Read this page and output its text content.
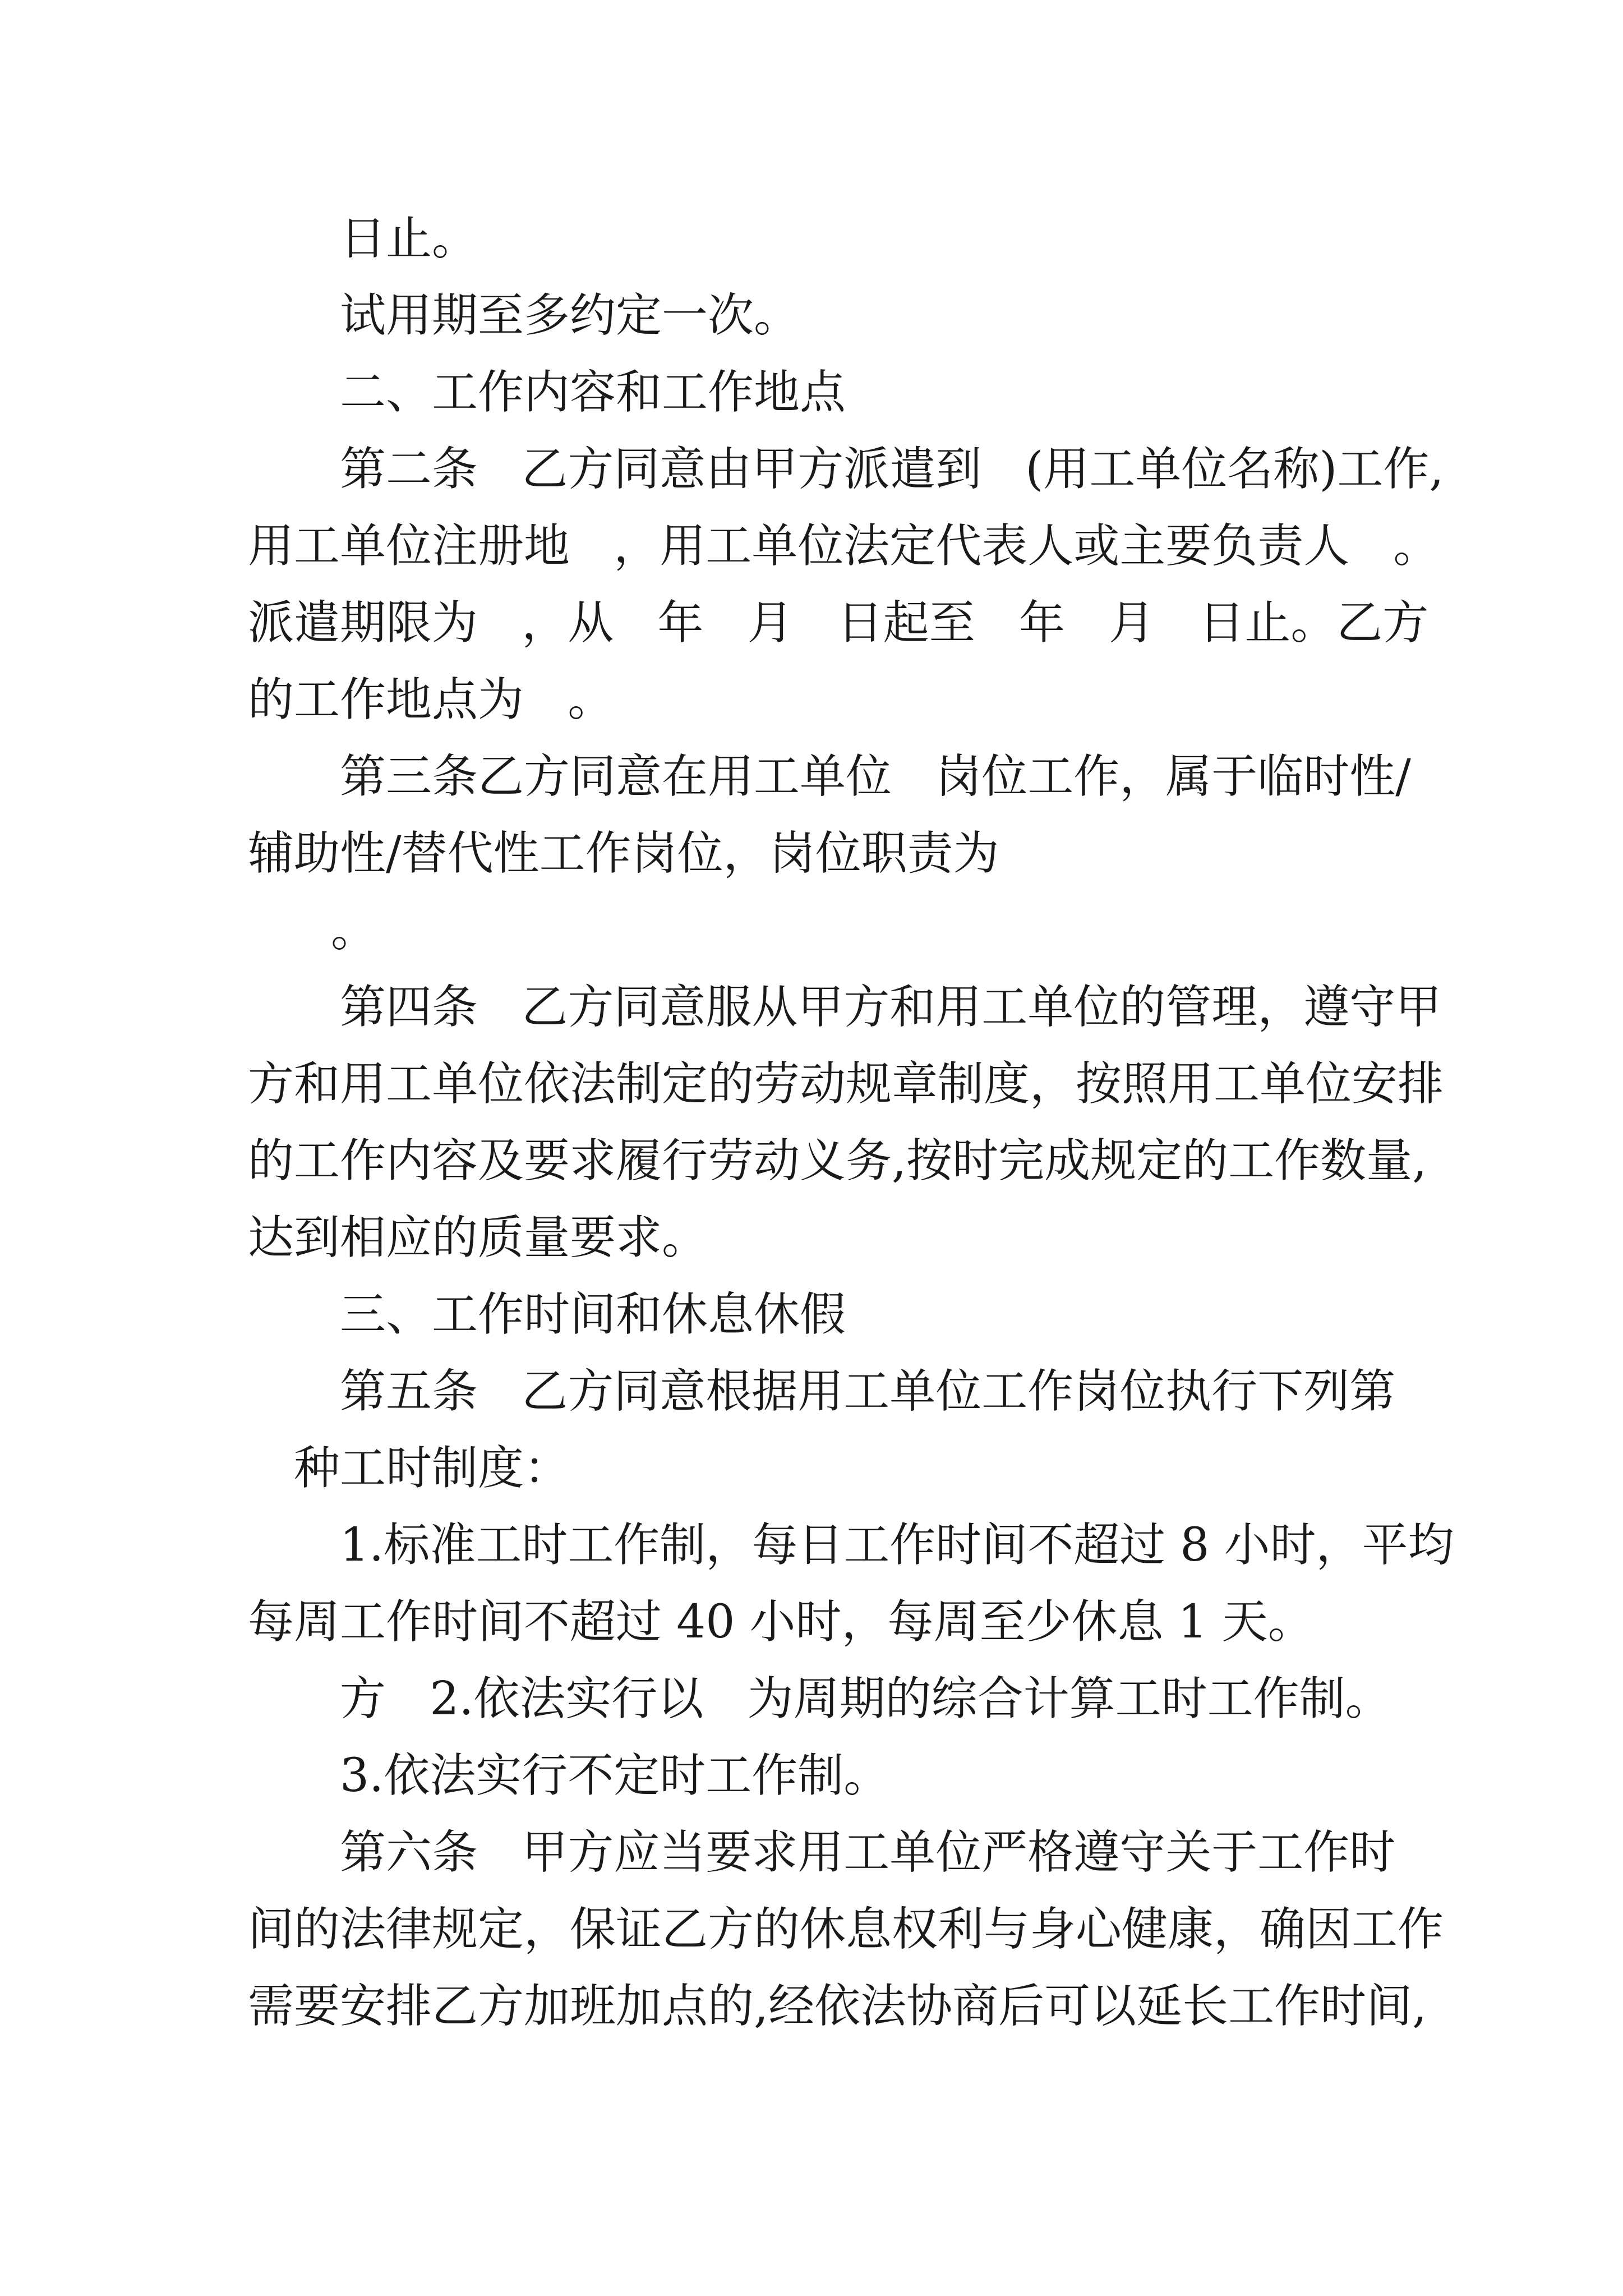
日止。

试用期至多约定一次。

二、工作内容和工作地点

第二条   乙方同意由甲方派遣到   (用工单位名称)工作,

用工单位注册地   ，用工单位法定代表人或主要负责人   。

派遣期限为   ，从   年   月   日起至   年   月   日止。乙方

的工作地点为   。

第三条乙方同意在用工单位   岗位工作，属于临时性/

辅助性/替代性工作岗位，岗位职责为

。

第四条   乙方同意服从甲方和用工单位的管理，遵守甲

方和用工单位依法制定的劳动规章制度，按照用工单位安排

的工作内容及要求履行劳动义务,按时完成规定的工作数量,

达到相应的质量要求。

三、工作时间和休息休假

第五条   乙方同意根据用工单位工作岗位执行下列第

种工时制度：

1.标准工时工作制，每日工作时间不超过 8 小时，平均

每周工作时间不超过 40 小时，每周至少休息 1 天。

方   2.依法实行以   为周期的综合计算工时工作制。

3.依法实行不定时工作制。

第六条   甲方应当要求用工单位严格遵守关于工作时

间的法律规定，保证乙方的休息权利与身心健康，确因工作

需要安排乙方加班加点的,经依法协商后可以延长工作时间,
